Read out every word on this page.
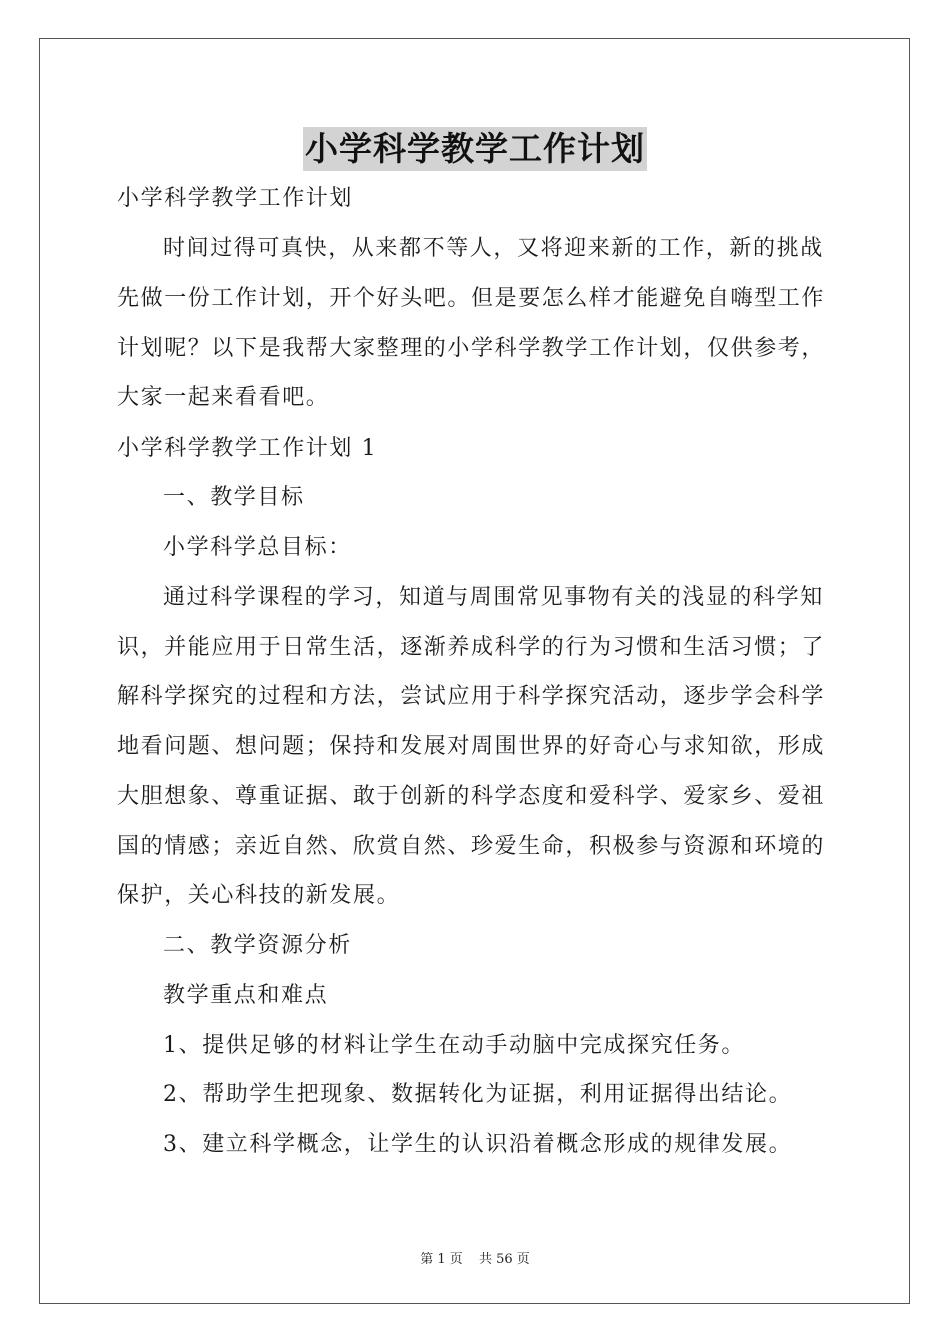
小学科学教学工作计划
小学科学教学工作计划
时间过得可真快，从来都不等人，又将迎来新的工作，新的挑战
先做一份工作计划，开个好头吧。但是要怎么样才能避免自嗨型工作
计划呢？以下是我帮大家整理的小学科学教学工作计划，仅供参考，
大家一起来看看吧。
小学科学教学工作计划 1
一、教学目标
小学科学总目标：
通过科学课程的学习，知道与周围常见事物有关的浅显的科学知
识，并能应用于日常生活，逐渐养成科学的行为习惯和生活习惯；了
解科学探究的过程和方法，尝试应用于科学探究活动，逐步学会科学
地看问题、想问题；保持和发展对周围世界的好奇心与求知欲，形成
大胆想象、尊重证据、敢于创新的科学态度和爱科学、爱家乡、爱祖
国的情感；亲近自然、欣赏自然、珍爱生命，积极参与资源和环境的
保护，关心科技的新发展。
二、教学资源分析
教学重点和难点
1、提供足够的材料让学生在动手动脑中完成探究任务。
2、帮助学生把现象、数据转化为证据，利用证据得出结论。
3、建立科学概念，让学生的认识沿着概念形成的规律发展。
第 1 页 共 56 页
